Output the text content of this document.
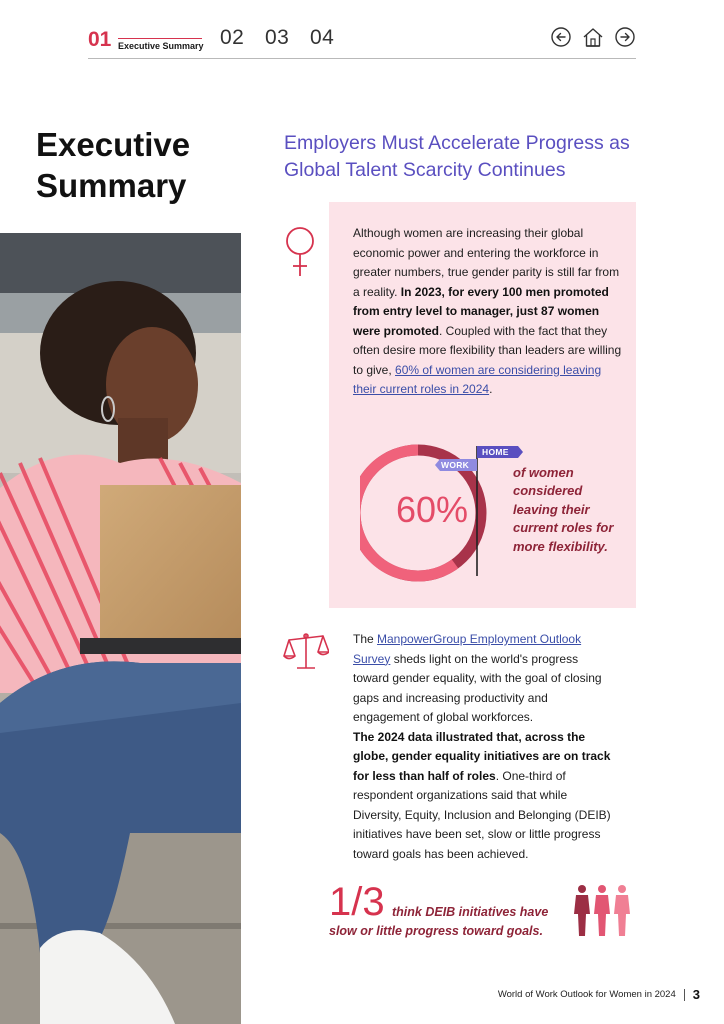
01 Executive Summary 02 03 04
Executive Summary
Employers Must Accelerate Progress as Global Talent Scarcity Continues
Although women are increasing their global economic power and entering the workforce in greater numbers, true gender parity is still far from a reality. In 2023, for every 100 men promoted from entry level to manager, just 87 women were promoted. Coupled with the fact that they often desire more flexibility than leaders are willing to give, 60% of women are considering leaving their current roles in 2024.
HOME
WORK
60%
of women considered leaving their current roles for more flexibility.
The ManpowerGroup Employment Outlook Survey sheds light on the world's progress toward gender equality, with the goal of closing gaps and increasing productivity and engagement of global workforces.
The 2024 data illustrated that, across the globe, gender equality initiatives are on track for less than half of roles. One-third of respondent organizations said that while Diversity, Equity, Inclusion and Belonging (DEIB) initiatives have been set, slow or little progress toward goals has been achieved.
1/3 think DEIB initiatives have
slow or little progress toward goals.
World of Work Outlook for Women in 2024 3
